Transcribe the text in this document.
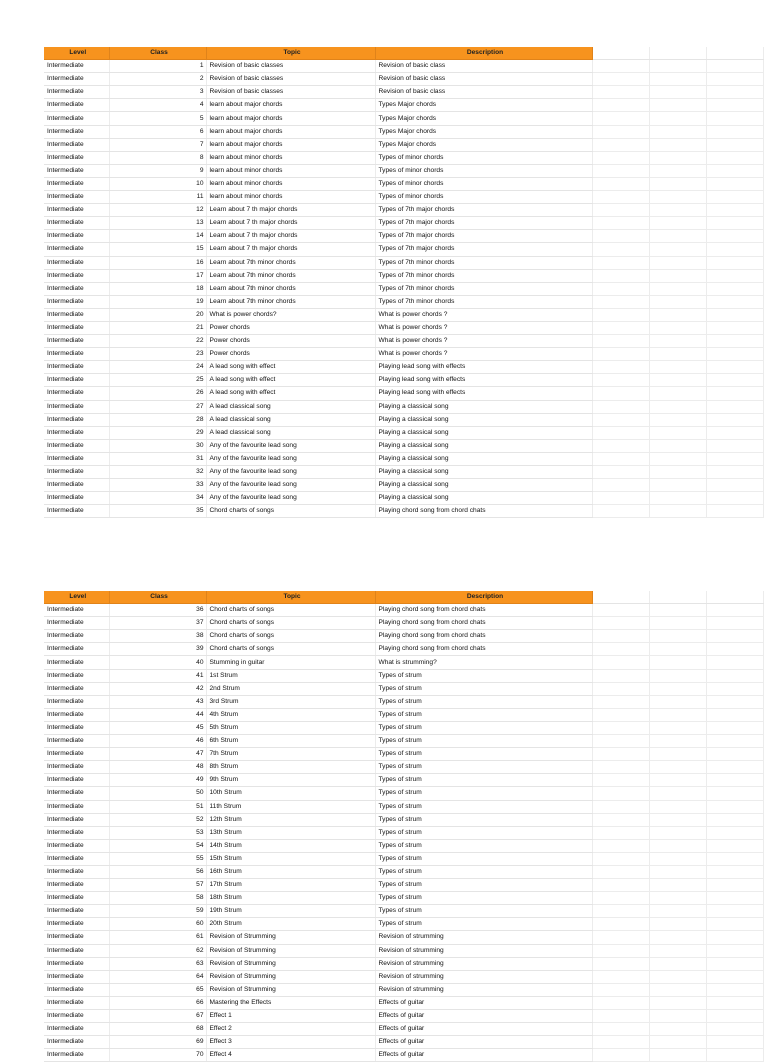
Level	Class	Topic	Description			
Intermediate	1	Revision of basic classes	Revision of basic class			
Intermediate	2	Revision of basic classes	Revision of basic class			
Intermediate	3	Revision of basic classes	Revision of basic class			
Intermediate	4	learn about major chords	Types Major chords			
Intermediate	5	learn about major chords	Types Major chords			
Intermediate	6	learn about major chords	Types Major chords			
Intermediate	7	learn about major chords	Types Major chords			
Intermediate	8	learn about minor chords	Types of minor chords			
Intermediate	9	learn about minor chords	Types of minor chords			
Intermediate	10	learn about minor chords	Types of minor chords			
Intermediate	11	learn about minor chords	Types of minor chords			
Intermediate	12	Learn about 7 th major chords	Types of 7th major chords			
Intermediate	13	Learn about 7 th major chords	Types of 7th major chords			
Intermediate	14	Learn about 7 th major chords	Types of 7th major chords			
Intermediate	15	Learn about 7 th major chords	Types of 7th major chords			
Intermediate	16	Learn about 7th minor chords	Types of 7th minor chords			
Intermediate	17	Learn about 7th minor chords	Types of 7th minor chords			
Intermediate	18	Learn about 7th minor chords	Types of 7th minor chords			
Intermediate	19	Learn about 7th minor chords	Types of 7th minor chords			
Intermediate	20	What is power chords?	What is power chords ?			
Intermediate	21	Power chords	What is power chords ?			
Intermediate	22	Power chords	What is power chords ?			
Intermediate	23	Power chords	What is power chords ?			
Intermediate	24	A lead song with effect	Playing lead song with effects			
Intermediate	25	A lead song with effect	Playing lead song with effects			
Intermediate	26	A lead song with effect	Playing lead song with effects			
Intermediate	27	A lead classical song	Playing a classical song			
Intermediate	28	A lead classical song	Playing a classical song			
Intermediate	29	A lead classical song	Playing a classical song			
Intermediate	30	Any of the favourite lead song	Playing a classical song			
Intermediate	31	Any of the favourite lead song	Playing a classical song			
Intermediate	32	Any of the favourite lead song	Playing a classical song			
Intermediate	33	Any of the favourite lead song	Playing a classical song			
Intermediate	34	Any of the favourite lead song	Playing a classical song			
Intermediate	35	Chord charts of songs	Playing chord song from chord chats			
Level	Class	Topic	Description			
Intermediate	36	Chord charts of songs	Playing chord song from chord chats			
Intermediate	37	Chord charts of songs	Playing chord song from chord chats			
Intermediate	38	Chord charts of songs	Playing chord song from chord chats			
Intermediate	39	Chord charts of songs	Playing chord song from chord chats			
Intermediate	40	Stumming in guitar	What is strumming?			
Intermediate	41	1st Strum	Types of strum			
Intermediate	42	2nd Strum	Types of strum			
Intermediate	43	3rd Strum	Types of strum			
Intermediate	44	4th Strum	Types of strum			
Intermediate	45	5th Strum	Types of strum			
Intermediate	46	6th Strum	Types of strum			
Intermediate	47	7th Strum	Types of strum			
Intermediate	48	8th Strum	Types of strum			
Intermediate	49	9th Strum	Types of strum			
Intermediate	50	10th Strum	Types of strum			
Intermediate	51	11th Strum	Types of strum			
Intermediate	52	12th Strum	Types of strum			
Intermediate	53	13th Strum	Types of strum			
Intermediate	54	14th Strum	Types of strum			
Intermediate	55	15th Strum	Types of strum			
Intermediate	56	16th Strum	Types of strum			
Intermediate	57	17th Strum	Types of strum			
Intermediate	58	18th Strum	Types of strum			
Intermediate	59	19th Strum	Types of strum			
Intermediate	60	20th Strum	Types of strum			
Intermediate	61	Revision of Strumming	Revision of strumming			
Intermediate	62	Revision of Strumming	Revision of strumming			
Intermediate	63	Revision of Strumming	Revision of strumming			
Intermediate	64	Revision of Strumming	Revision of strumming			
Intermediate	65	Revision of Strumming	Revision of strumming			
Intermediate	66	Mastering the Effects	Effects of guitar			
Intermediate	67	Effect 1	Effects of guitar			
Intermediate	68	Effect 2	Effects of guitar			
Intermediate	69	Effect 3	Effects of guitar			
Intermediate	70	Effect 4	Effects of guitar			
